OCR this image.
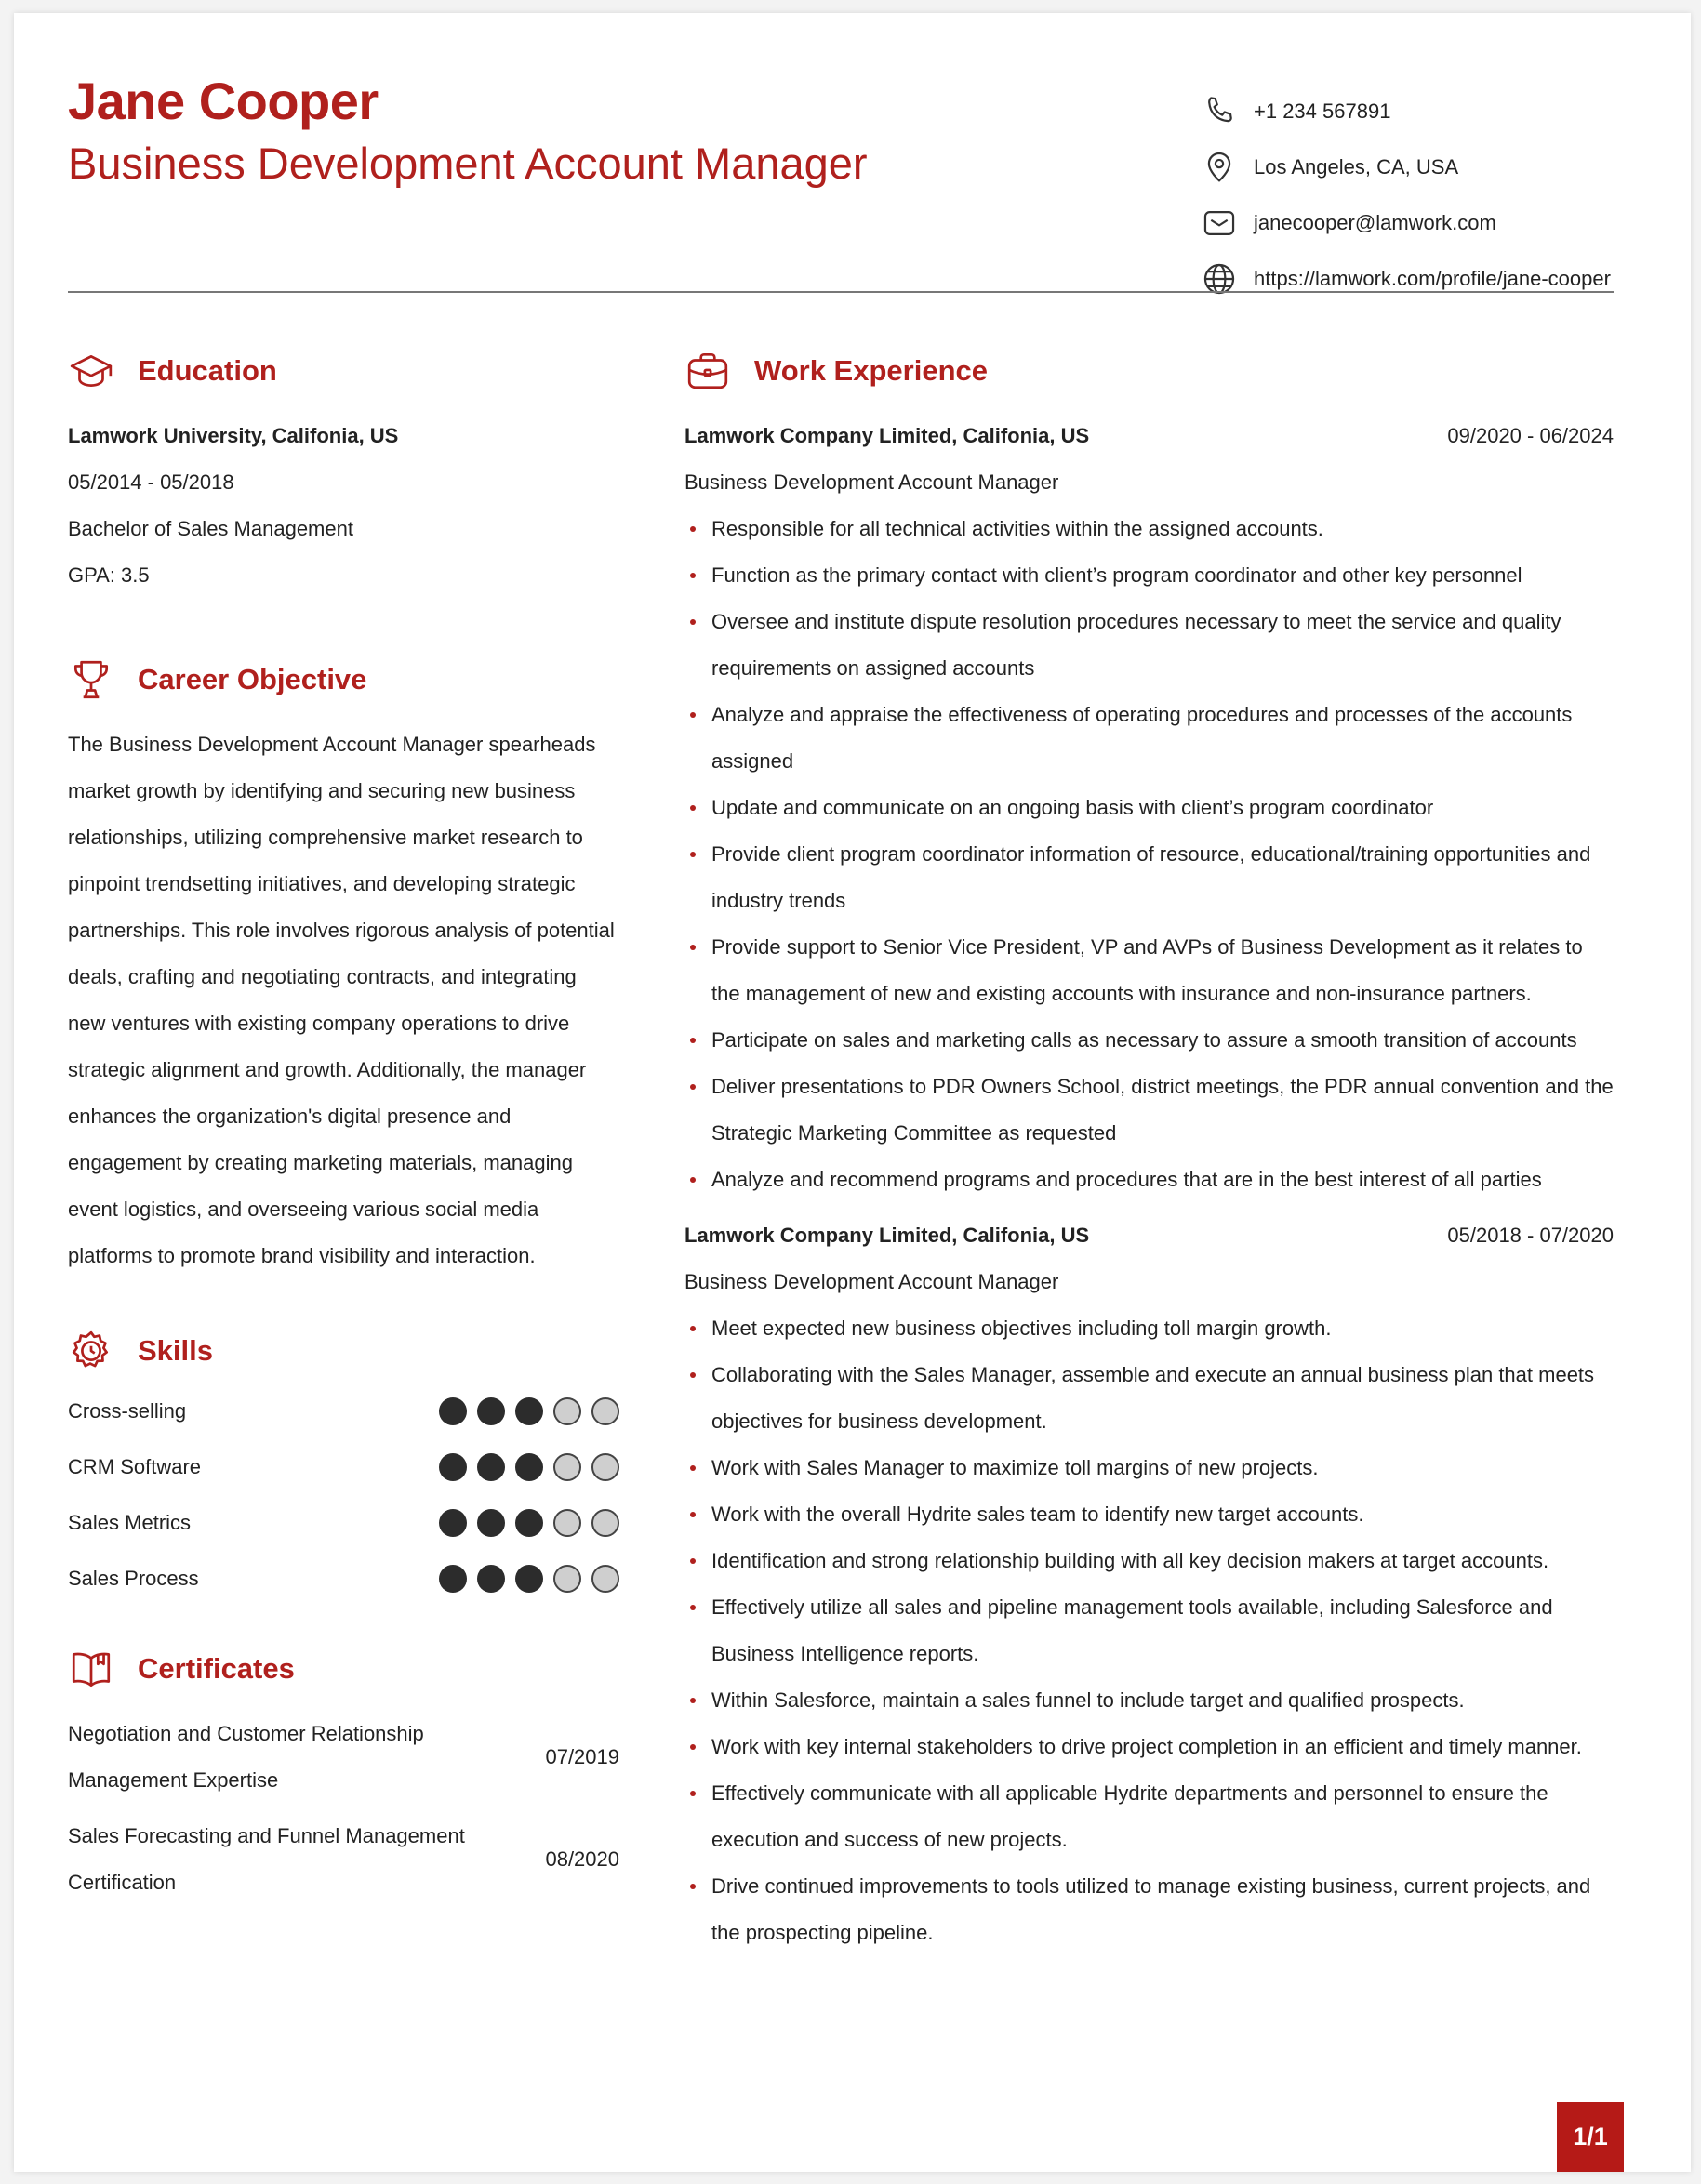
Jane Cooper
Business Development Account Manager
+1 234 567891
Los Angeles, CA, USA
janecooper@lamwork.com
https://lamwork.com/profile/jane-cooper
Education
Lamwork University, Califonia, US
05/2014 - 05/2018
Bachelor of Sales Management
GPA: 3.5
Career Objective
The Business Development Account Manager spearheads market growth by identifying and securing new business relationships, utilizing comprehensive market research to pinpoint trendsetting initiatives, and developing strategic partnerships. This role involves rigorous analysis of potential deals, crafting and negotiating contracts, and integrating new ventures with existing company operations to drive strategic alignment and growth. Additionally, the manager enhances the organization's digital presence and engagement by creating marketing materials, managing event logistics, and overseeing various social media platforms to promote brand visibility and interaction.
Skills
Cross-selling
CRM Software
Sales Metrics
Sales Process
Certificates
Negotiation and Customer Relationship Management Expertise
07/2019
Sales Forecasting and Funnel Management Certification
08/2020
Work Experience
Lamwork Company Limited, Califonia, US	09/2020 - 06/2024
Business Development Account Manager
Responsible for all technical activities within the assigned accounts.
Function as the primary contact with client’s program coordinator and other key personnel
Oversee and institute dispute resolution procedures necessary to meet the service and quality requirements on assigned accounts
Analyze and appraise the effectiveness of operating procedures and processes of the accounts assigned
Update and communicate on an ongoing basis with client’s program coordinator
Provide client program coordinator information of resource, educational/training opportunities and industry trends
Provide support to Senior Vice President, VP and AVPs of Business Development as it relates to the management of new and existing accounts with insurance and non-insurance partners.
Participate on sales and marketing calls as necessary to assure a smooth transition of accounts
Deliver presentations to PDR Owners School, district meetings, the PDR annual convention and the Strategic Marketing Committee as requested
Analyze and recommend programs and procedures that are in the best interest of all parties
Lamwork Company Limited, Califonia, US	05/2018 - 07/2020
Business Development Account Manager
Meet expected new business objectives including toll margin growth.
Collaborating with the Sales Manager, assemble and execute an annual business plan that meets objectives for business development.
Work with Sales Manager to maximize toll margins of new projects.
Work with the overall Hydrite sales team to identify new target accounts.
Identification and strong relationship building with all key decision makers at target accounts.
Effectively utilize all sales and pipeline management tools available, including Salesforce and Business Intelligence reports.
Within Salesforce, maintain a sales funnel to include target and qualified prospects.
Work with key internal stakeholders to drive project completion in an efficient and timely manner.
Effectively communicate with all applicable Hydrite departments and personnel to ensure the execution and success of new projects.
Drive continued improvements to tools utilized to manage existing business, current projects, and the prospecting pipeline.
1/1
